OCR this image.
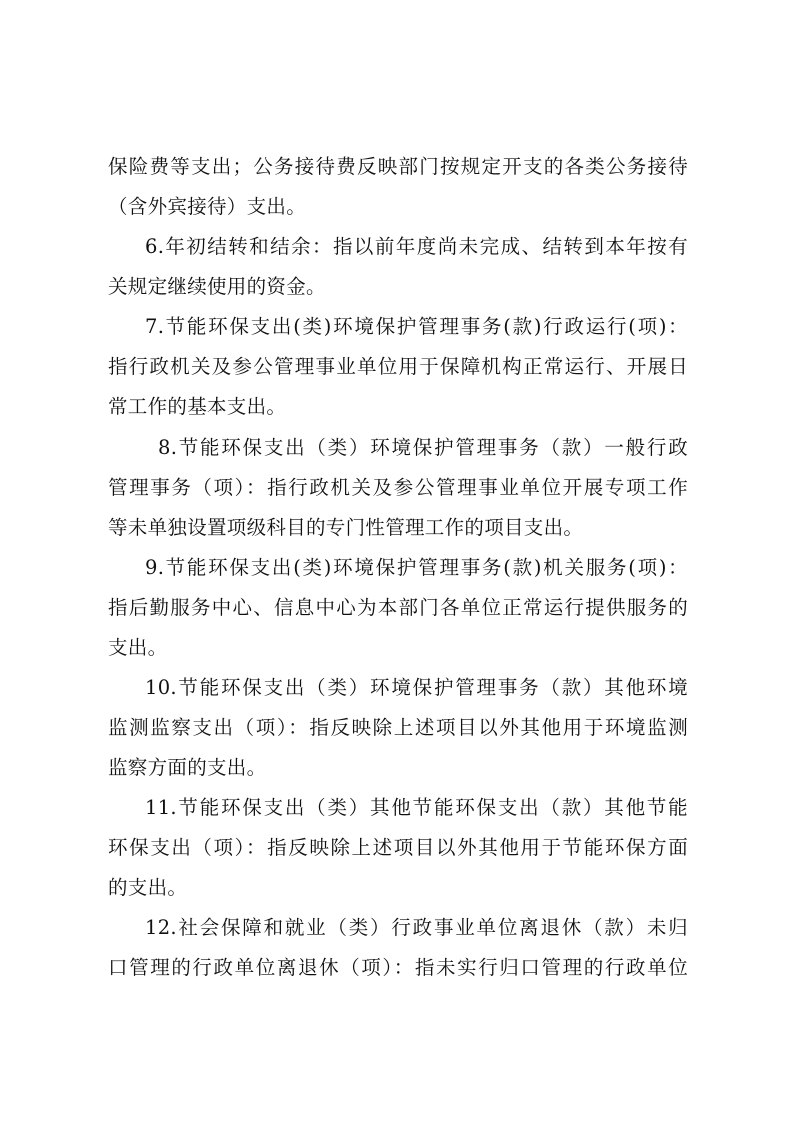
保险费等支出；公务接待费反映部门按规定开支的各类公务接待

（含外宾接待）支出。

6.年初结转和结余：指以前年度尚未完成、结转到本年按有

关规定继续使用的资金。

7.节能环保支出(类)环境保护管理事务(款)行政运行(项)：

指行政机关及参公管理事业单位用于保障机构正常运行、开展日

常工作的基本支出。

8.节能环保支出（类）环境保护管理事务（款）一般行政

管理事务（项）：指行政机关及参公管理事业单位开展专项工作

等未单独设置项级科目的专门性管理工作的项目支出。

9.节能环保支出(类)环境保护管理事务(款)机关服务(项)：

指后勤服务中心、信息中心为本部门各单位正常运行提供服务的

支出。

10.节能环保支出（类）环境保护管理事务（款）其他环境

监测监察支出（项）：指反映除上述项目以外其他用于环境监测

监察方面的支出。

11.节能环保支出（类）其他节能环保支出（款）其他节能

环保支出（项）：指反映除上述项目以外其他用于节能环保方面

的支出。

12.社会保障和就业（类）行政事业单位离退休（款）未归

口管理的行政单位离退休（项）：指未实行归口管理的行政单位
